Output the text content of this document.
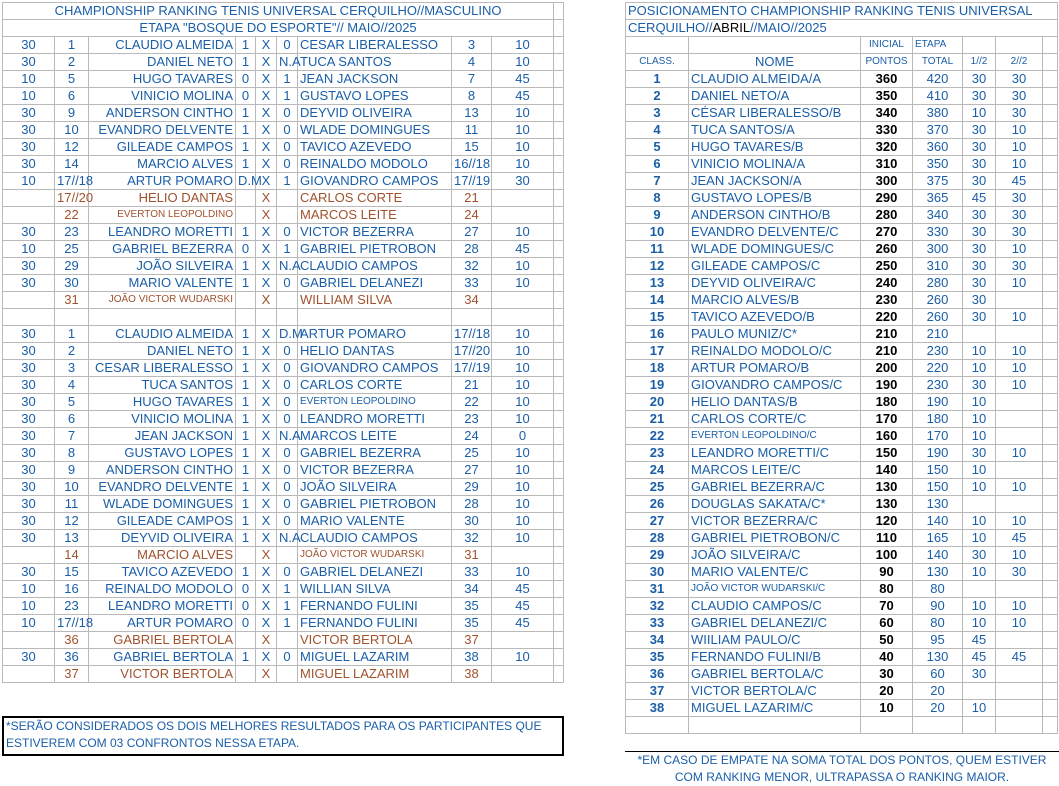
CHAMPIONSHIP RANKING TENIS UNIVERSAL CERQUILHO//MASCULINO									
ETAPA "BOSQUE DO ESPORTE"// MAIO//2025									
30	1	CLAUDIO ALMEIDA	1	X	0	CESAR LIBERALESSO	3	10	
30	2	DANIEL NETO	1	X	N.A	TUCA SANTOS	4	10	
10	5	HUGO TAVARES	0	X	1	JEAN JACKSON	7	45	
10	6	VINICIO MOLINA	0	X	1	GUSTAVO LOPES	8	45	
30	9	ANDERSON CINTHO	1	X	0	DEYVID OLIVEIRA	13	10	
30	10	EVANDRO DELVENTE	1	X	0	WLADE DOMINGUES	11	10	
30	12	GILEADE CAMPOS	1	X	0	TAVICO AZEVEDO	15	10	
30	14	MARCIO ALVES	1	X	0	REINALDO MODOLO	16//18	10	
10	17//18	ARTUR POMARO	D.M	X	1	GIOVANDRO CAMPOS	17//19	30	
	17//20	HELIO DANTAS		X		CARLOS CORTE	21		
	22	EVERTON LEOPOLDINO		X		MARCOS LEITE	24		
30	23	LEANDRO MORETTI	1	X	0	VICTOR BEZERRA	27	10	
10	25	GABRIEL BEZERRA	0	X	1	GABRIEL PIETROBON	28	45	
30	29	JOÃO SILVEIRA	1	X	N.A	CLAUDIO CAMPOS	32	10	
30	30	MARIO VALENTE	1	X	0	GABRIEL DELANEZI	33	10	
	31	JOÃO VICTOR WUDARSKI		X		WILLIAM SILVA	34		

30	1	CLAUDIO ALMEIDA	1	X	D.M	ARTUR POMARO	17//18	10	
30	2	DANIEL NETO	1	X	0	HELIO DANTAS	17//20	10	
30	3	CESAR LIBERALESSO	1	X	0	GIOVANDRO CAMPOS	17//19	10	
30	4	TUCA SANTOS	1	X	0	CARLOS CORTE	21	10	
30	5	HUGO TAVARES	1	X	0	EVERTON LEOPOLDINO	22	10	
30	6	VINICIO MOLINA	1	X	0	LEANDRO MORETTI	23	10	
30	7	JEAN JACKSON	1	X	N.A	MARCOS LEITE	24	0	
30	8	GUSTAVO LOPES	1	X	0	GABRIEL BEZERRA	25	10	
30	9	ANDERSON CINTHO	1	X	0	VICTOR BEZERRA	27	10	
30	10	EVANDRO DELVENTE	1	X	0	JOÃO SILVEIRA	29	10	
30	11	WLADE DOMINGUES	1	X	0	GABRIEL PIETROBON	28	10	
30	12	GILEADE CAMPOS	1	X	0	MARIO VALENTE	30	10	
30	13	DEYVID OLIVEIRA	1	X	N.A	CLAUDIO CAMPOS	32	10	
	14	MARCIO ALVES		X		JOÃO VICTOR WUDARSKI	31		
30	15	TAVICO AZEVEDO	1	X	0	GABRIEL DELANEZI	33	10	
10	16	REINALDO MODOLO	0	X	1	WILLIAN SILVA	34	45	
10	23	LEANDRO MORETTI	0	X	1	FERNANDO FULINI	35	45	
10	17//18	ARTUR POMARO	0	X	1	FERNANDO FULINI	35	45	
	36	GABRIEL BERTOLA		X		VICTOR BERTOLA	37		
30	36	GABRIEL BERTOLA	1	X	0	MIGUEL LAZARIM	38	10	
	37	VICTOR BERTOLA		X		MIGUEL LAZARIM	38		
*SERÃO CONSIDERADOS OS DOIS MELHORES RESULTADOS PARA OS PARTICIPANTES QUE ESTIVEREM COM 03 CONFRONTOS NESSA ETAPA.
POSICIONAMENTO CHAMPIONSHIP RANKING TENIS UNIVERSAL						
CERQUILHO//ABRIL//MAIO//2025						
		INICIAL	ETAPA			
CLASS.	NOME	PONTOS	TOTAL	1//2	2//2	
1	CLAUDIO ALMEIDA/A	360	420	30	30	
2	DANIEL NETO/A	350	410	30	30	
3	CÉSAR LIBERALESSO/B	340	380	10	30	
4	TUCA SANTOS/A	330	370	30	10	
5	HUGO TAVARES/B	320	360	30	10	
6	VINICIO MOLINA/A	310	350	30	10	
7	JEAN JACKSON/A	300	375	30	45	
8	GUSTAVO LOPES/B	290	365	45	30	
9	ANDERSON CINTHO/B	280	340	30	30	
10	EVANDRO DELVENTE/C	270	330	30	30	
11	WLADE DOMINGUES/C	260	300	30	10	
12	GILEADE CAMPOS/C	250	310	30	30	
13	DEYVID OLIVEIRA/C	240	280	30	10	
14	MARCIO ALVES/B	230	260	30		
15	TAVICO AZEVEDO/B	220	260	30	10	
16	PAULO MUNIZ/C*	210	210			
17	REINALDO MODOLO/C	210	230	10	10	
18	ARTUR POMARO/B	200	220	10	10	
19	GIOVANDRO CAMPOS/C	190	230	30	10	
20	HELIO DANTAS/B	180	190	10		
21	CARLOS CORTE/C	170	180	10		
22	EVERTON LEOPOLDINO/C	160	170	10		
23	LEANDRO MORETTI/C	150	190	30	10	
24	MARCOS LEITE/C	140	150	10		
25	GABRIEL BEZERRA/C	130	150	10	10	
26	DOUGLAS SAKATA/C*	130	130			
27	VICTOR BEZERRA/C	120	140	10	10	
28	GABRIEL PIETROBON/C	110	165	10	45	
29	JOÃO SILVEIRA/C	100	140	30	10	
30	MARIO VALENTE/C	90	130	10	30	
31	JOÃO VICTOR WUDARSKI/C	80	80			
32	CLAUDIO CAMPOS/C	70	90	10	10	
33	GABRIEL DELANEZI/C	60	80	10	10	
34	WIILIAM PAULO/C	50	95	45		
35	FERNANDO FULINI/B	40	130	45	45	
36	GABRIEL BERTOLA/C	30	60	30		
37	VICTOR BERTOLA/C	20	20			
38	MIGUEL LAZARIM/C	10	20	10		

*EM CASO DE EMPATE NA SOMA TOTAL DOS PONTOS, QUEM ESTIVER COM RANKING MENOR, ULTRAPASSA O RANKING MAIOR.
